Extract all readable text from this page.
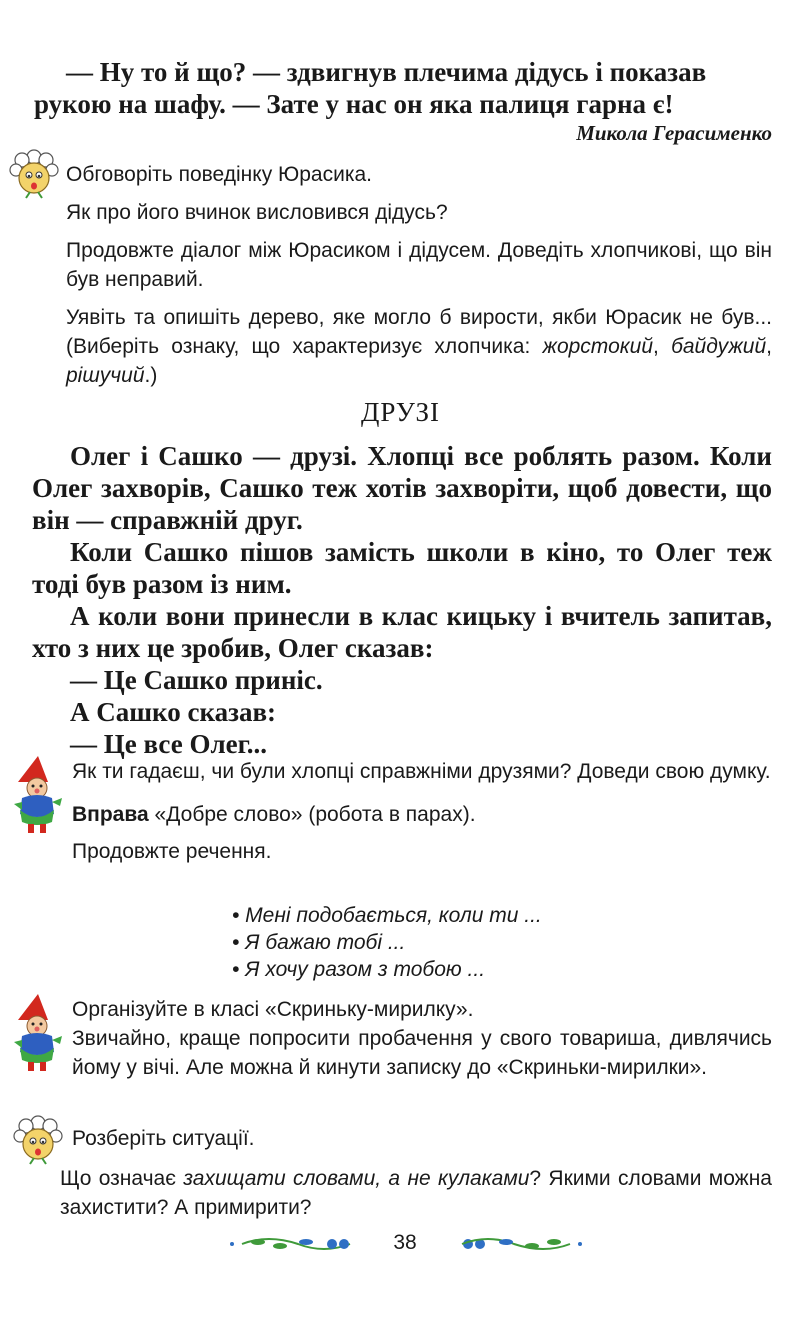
— Ну то й що? — здвигнув плечима дідусь і показав

рукою на шафу. — Зате у нас он яка палиця гарна є!

Микола Герасименко

Обговоріть поведінку Юрасика.

Як про його вчинок висловився дідусь?

Продовжте діалог між Юрасиком і дідусем. Доведіть хлопчикові, що він був неправий.

Уявіть та опишіть дерево, яке могло б вирости, якби Юрасик не був... (Виберіть ознаку, що характеризує хлопчика: жорстокий, байдужий, рішучий.)

ДРУЗІ

Олег і Сашко — друзі. Хлопці все роблять разом. Коли Олег захворів, Сашко теж хотів захворіти, щоб довести, що він — справжній друг.

Коли Сашко пішов замість школи в кіно, то Олег теж тоді був разом із ним.

А коли вони принесли в клас кицьку і вчитель запитав, хто з них це зробив, Олег сказав:

— Це Сашко приніс.

А Сашко сказав:

— Це все Олег...

Як ти гадаєш, чи були хлопці справжніми друзями? Доведи свою думку.

Вправа «Добре слово» (робота в парах).

Продовжте речення.

• Мені подобається, коли ти ...

• Я бажаю тобі ...

• Я хочу разом з тобою ...

Організуйте в класі «Скриньку-мирилку».

Звичайно, краще попросити пробачення у свого товариша, дивлячись йому у вічі. Але можна й кинути записку до «Скриньки-мирилки».

Розберіть ситуації.

Що означає захищати словами, а не кулаками? Якими словами можна захистити? А примирити?

38
